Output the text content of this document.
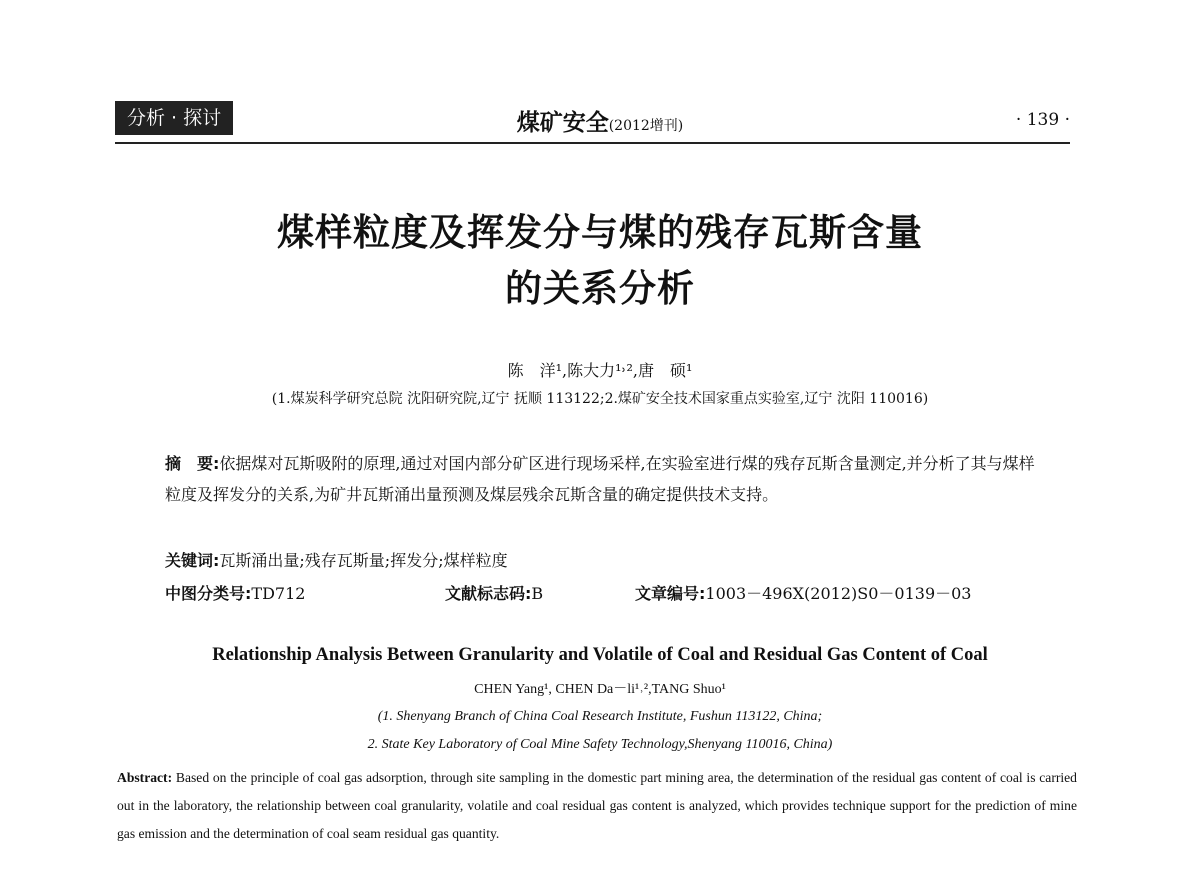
分析 · 探讨	煤矿安全(2012增刊)	· 139 ·
煤样粒度及挥发分与煤的残存瓦斯含量
的关系分析
陈　洋¹,陈大力¹˒²,唐　硕¹
(1.煤炭科学研究总院 沈阳研究院,辽宁 抚顺 113122;2.煤矿安全技术国家重点实验室,辽宁 沈阳 110016)
摘　要:依据煤对瓦斯吸附的原理,通过对国内部分矿区进行现场采样,在实验室进行煤的残存瓦斯含量测定,并分析了其与煤样粒度及挥发分的关系,为矿井瓦斯涌出量预测及煤层残余瓦斯含量的确定提供技术支持。
关键词:瓦斯涌出量;残存瓦斯量;挥发分;煤样粒度
中图分类号:TD712	文献标志码:B	文章编号:1003－496X(2012)S0－0139－03
Relationship Analysis Between Granularity and Volatile of Coal and Residual Gas Content of Coal
CHEN Yang¹, CHEN Da－li¹˒²,TANG Shuo¹
(1. Shenyang Branch of China Coal Research Institute, Fushun 113122, China;
2. State Key Laboratory of Coal Mine Safety Technology,Shenyang 110016, China)
Abstract: Based on the principle of coal gas adsorption, through site sampling in the domestic part mining area, the determination of the residual gas content of coal is carried out in the laboratory, the relationship between coal granularity, volatile and coal residual gas content is analyzed, which provides technique support for the prediction of mine gas emission and the determination of coal seam residual gas quantity.
